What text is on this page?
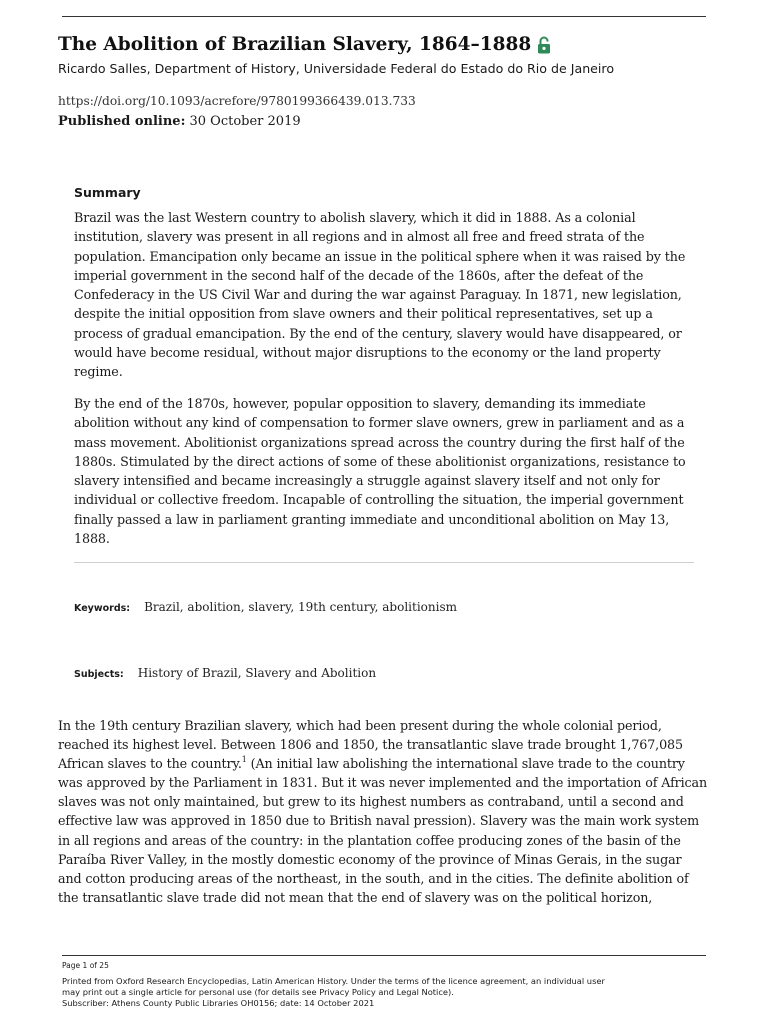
The Abolition of Brazilian Slavery, 1864–1888
Ricardo Salles, Department of History, Universidade Federal do Estado do Rio de Janeiro
https://doi.org/10.1093/acrefore/9780199366439.013.733
Published online: 30 October 2019
Summary

Brazil was the last Western country to abolish slavery, which it did in 1888. As a colonial institution, slavery was present in all regions and in almost all free and freed strata of the population. Emancipation only became an issue in the political sphere when it was raised by the imperial government in the second half of the decade of the 1860s, after the defeat of the Confederacy in the US Civil War and during the war against Paraguay. In 1871, new legislation, despite the initial opposition from slave owners and their political representatives, set up a process of gradual emancipation. By the end of the century, slavery would have disappeared, or would have become residual, without major disruptions to the economy or the land property regime.

By the end of the 1870s, however, popular opposition to slavery, demanding its immediate abolition without any kind of compensation to former slave owners, grew in parliament and as a mass movement. Abolitionist organizations spread across the country during the first half of the 1880s. Stimulated by the direct actions of some of these abolitionist organizations, resistance to slavery intensified and became increasingly a struggle against slavery itself and not only for individual or collective freedom. Incapable of controlling the situation, the imperial government finally passed a law in parliament granting immediate and unconditional abolition on May 13, 1888.

Keywords: Brazil, abolition, slavery, 19th century, abolitionism
Subjects: History of Brazil, Slavery and Abolition

In the 19th century Brazilian slavery, which had been present during the whole colonial period, reached its highest level. Between 1806 and 1850, the transatlantic slave trade brought 1,767,085 African slaves to the country.$^1$ (An initial law abolishing the international slave trade to the country was approved by the Parliament in 1831. But it was never implemented and the importation of African slaves was not only maintained, but grew to its highest numbers as contraband, until a second and effective law was approved in 1850 due to British naval pression). Slavery was the main work system in all regions and areas of the country: in the plantation coffee producing zones of the basin of the Paraíba River Valley, in the mostly domestic economy of the province of Minas Gerais, in the sugar and cotton producing areas of the northeast, in the south, and in the cities. The definite abolition of the transatlantic slave trade did not mean that the end of slavery was on the political horizon,

Page 1 of 25
Printed from Oxford Research Encyclopedias, Latin American History. Under the terms of the licence agreement, an individual user
may print out a single article for personal use (for details see Privacy Policy and Legal Notice).
Subscriber: Athens County Public Libraries OH0156; date: 14 October 2021
